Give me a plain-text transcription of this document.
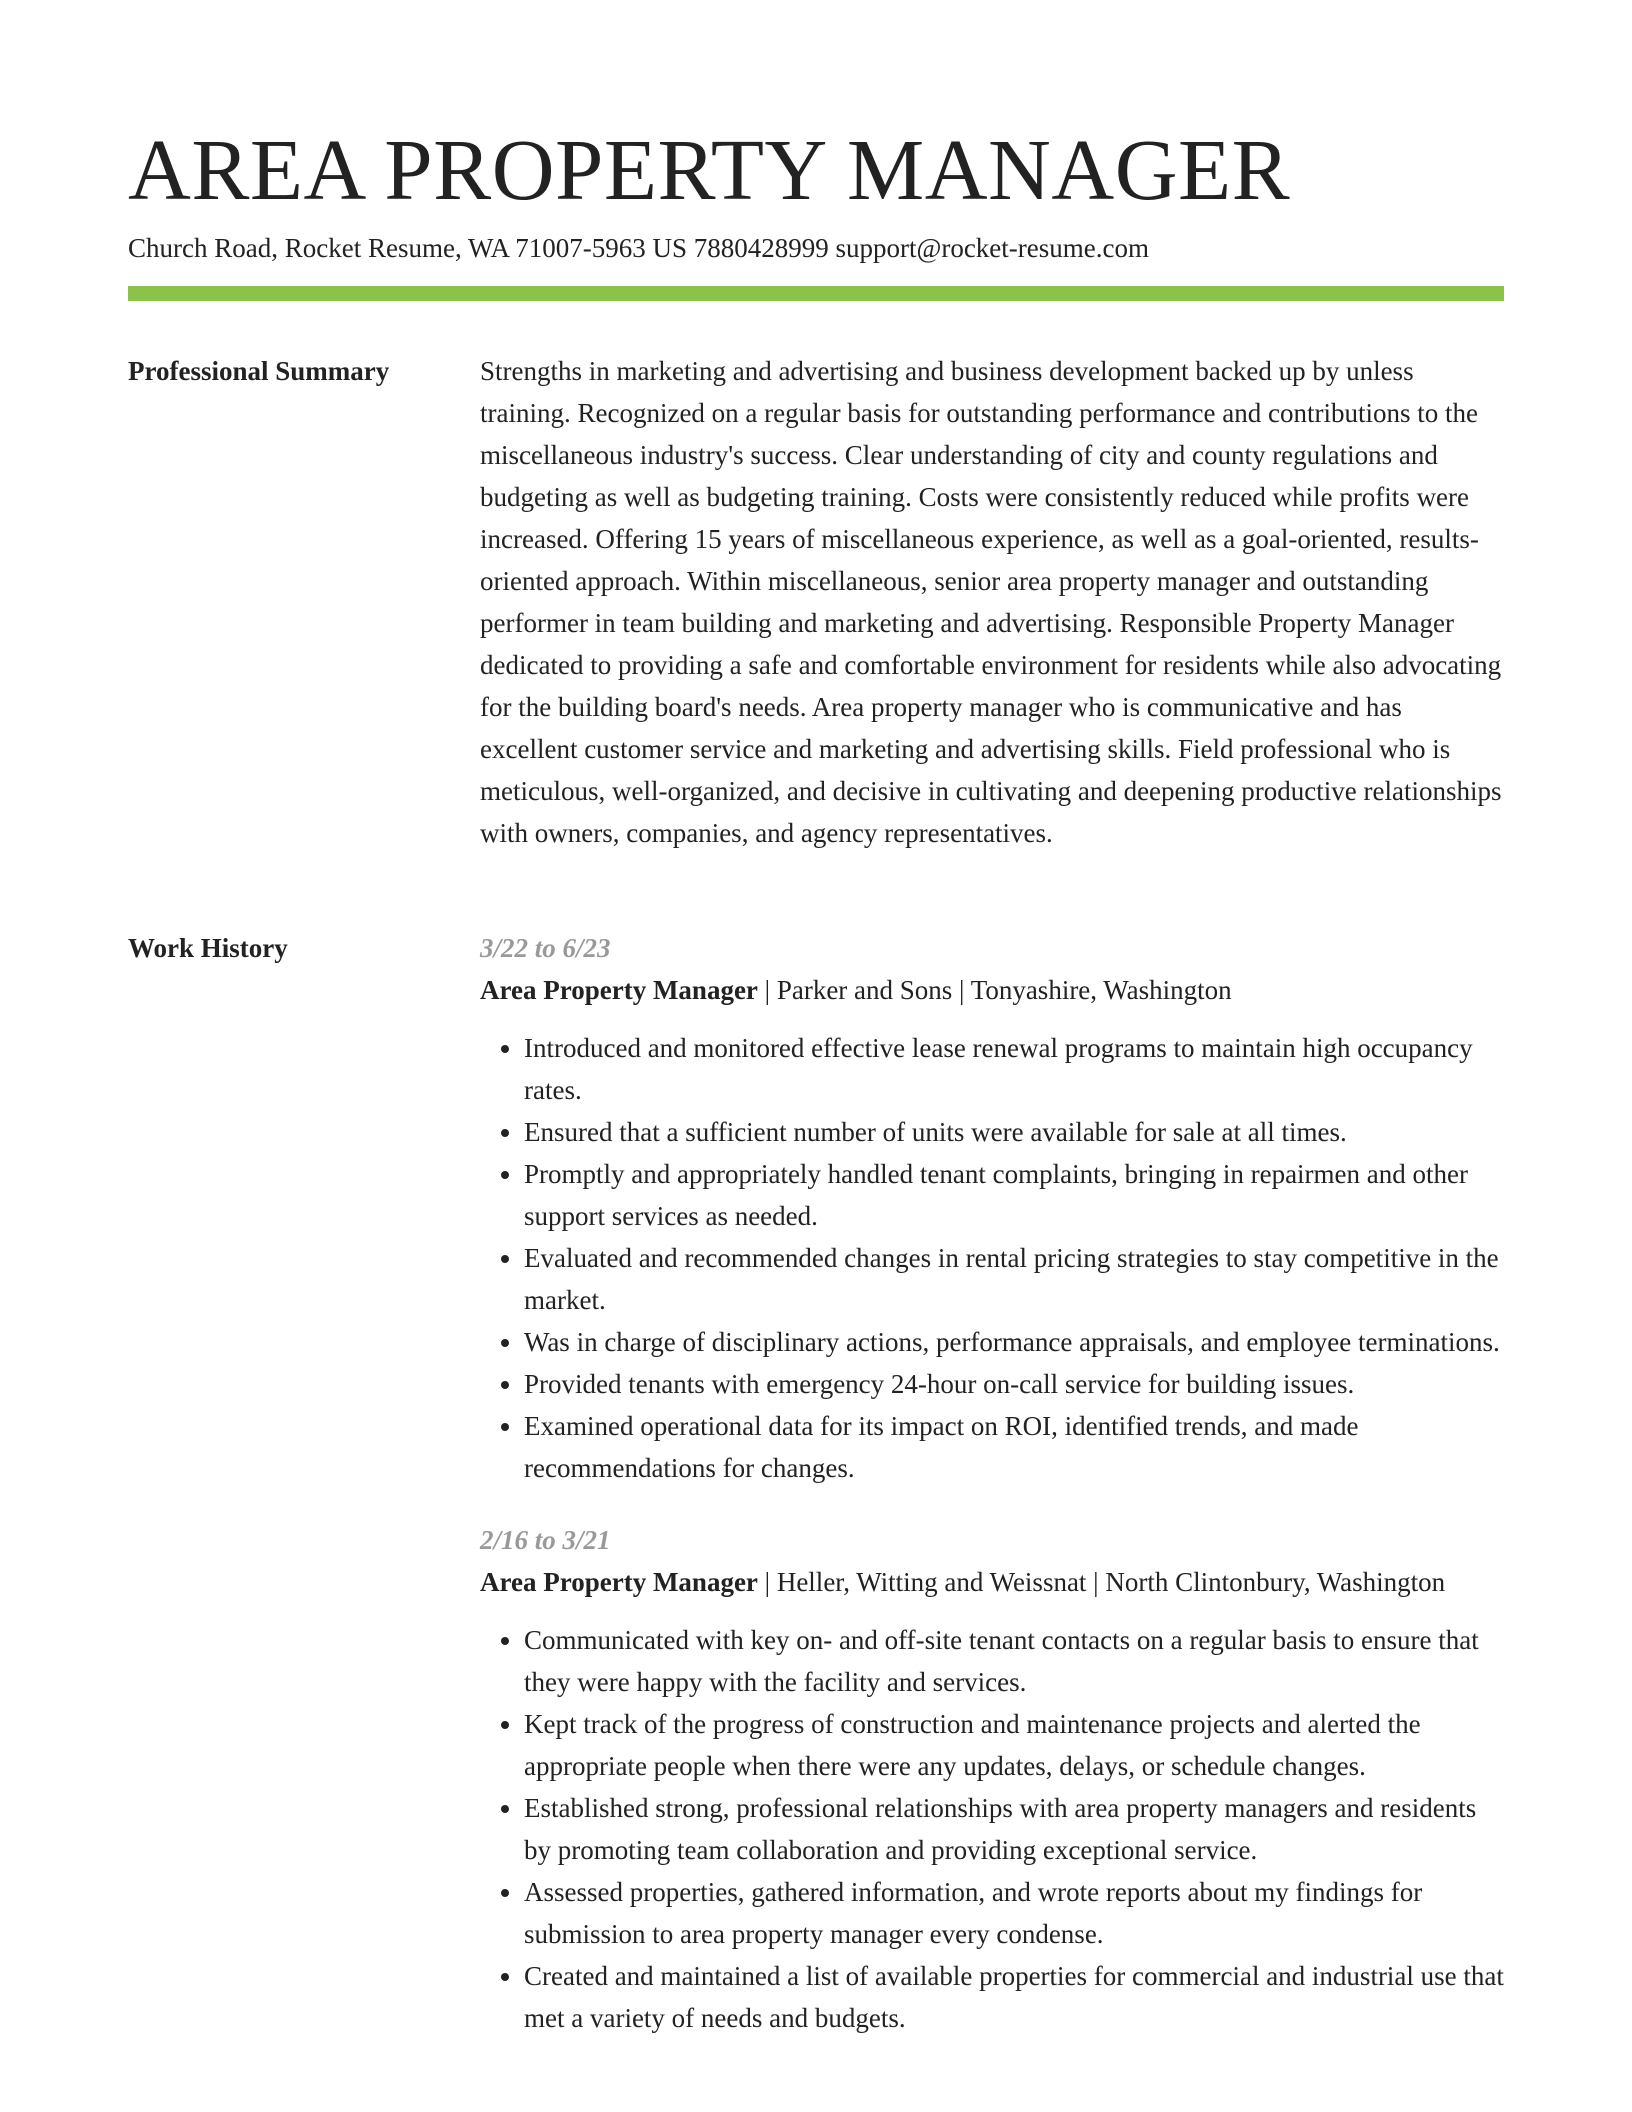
AREA PROPERTY MANAGER
Church Road, Rocket Resume, WA 71007-5963 US 7880428999 support@rocket-resume.com
Professional Summary	Strengths in marketing and advertising and business development backed up by unless training. Recognized on a regular basis for outstanding performance and contributions to the miscellaneous industry's success. Clear understanding of city and county regulations and budgeting as well as budgeting training. Costs were consistently reduced while profits were increased. Offering 15 years of miscellaneous experience, as well as a goal-oriented, results-oriented approach. Within miscellaneous, senior area property manager and outstanding performer in team building and marketing and advertising. Responsible Property Manager dedicated to providing a safe and comfortable environment for residents while also advocating for the building board's needs. Area property manager who is communicative and has excellent customer service and marketing and advertising skills. Field professional who is meticulous, well-organized, and decisive in cultivating and deepening productive relationships with owners, companies, and agency representatives.

Work History	3/22 to 6/23
Area Property Manager | Parker and Sons | Tonyashire, Washington
• Introduced and monitored effective lease renewal programs to maintain high occupancy rates.
• Ensured that a sufficient number of units were available for sale at all times.
• Promptly and appropriately handled tenant complaints, bringing in repairmen and other support services as needed.
• Evaluated and recommended changes in rental pricing strategies to stay competitive in the market.
• Was in charge of disciplinary actions, performance appraisals, and employee terminations.
• Provided tenants with emergency 24-hour on-call service for building issues.
• Examined operational data for its impact on ROI, identified trends, and made recommendations for changes.
2/16 to 3/21
Area Property Manager | Heller, Witting and Weissnat | North Clintonbury, Washington
• Communicated with key on- and off-site tenant contacts on a regular basis to ensure that they were happy with the facility and services.
• Kept track of the progress of construction and maintenance projects and alerted the appropriate people when there were any updates, delays, or schedule changes.
• Established strong, professional relationships with area property managers and residents by promoting team collaboration and providing exceptional service.
• Assessed properties, gathered information, and wrote reports about my findings for submission to area property manager every condense.
• Created and maintained a list of available properties for commercial and industrial use that met a variety of needs and budgets.
